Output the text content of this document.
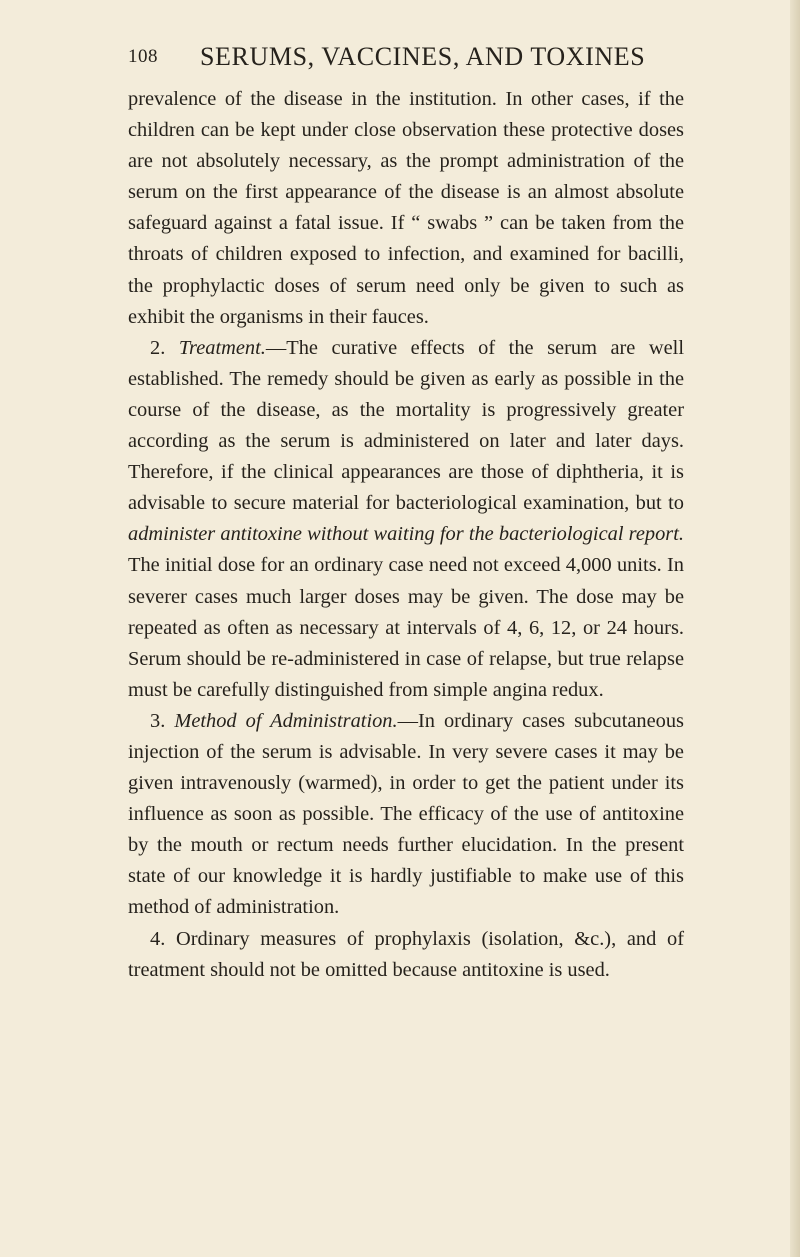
108 SERUMS, VACCINES, AND TOXINES

prevalence of the disease in the institution. In other cases, if the children can be kept under close observation these protective doses are not absolutely necessary, as the prompt administration of the serum on the first appearance of the disease is an almost absolute safeguard against a fatal issue. If “ swabs ” can be taken from the throats of children exposed to infection, and examined for bacilli, the prophylactic doses of serum need only be given to such as exhibit the organisms in their fauces.

2. Treatment.—The curative effects of the serum are well established. The remedy should be given as early as possible in the course of the disease, as the mortality is progressively greater according as the serum is administered on later and later days. Therefore, if the clinical appearances are those of diphtheria, it is advisable to secure material for bacteriological examination, but to administer antitoxine without waiting for the bacteriological report. The initial dose for an ordinary case need not exceed 4,000 units. In severer cases much larger doses may be given. The dose may be repeated as often as necessary at intervals of 4, 6, 12, or 24 hours. Serum should be re-administered in case of relapse, but true relapse must be carefully distinguished from simple angina redux.

3. Method of Administration.—In ordinary cases subcutaneous injection of the serum is advisable. In very severe cases it may be given intravenously (warmed), in order to get the patient under its influence as soon as possible. The efficacy of the use of antitoxine by the mouth or rectum needs further elucidation. In the present state of our knowledge it is hardly justifiable to make use of this method of administration.

4. Ordinary measures of prophylaxis (isolation, &c.), and of treatment should not be omitted because antitoxine is used.
